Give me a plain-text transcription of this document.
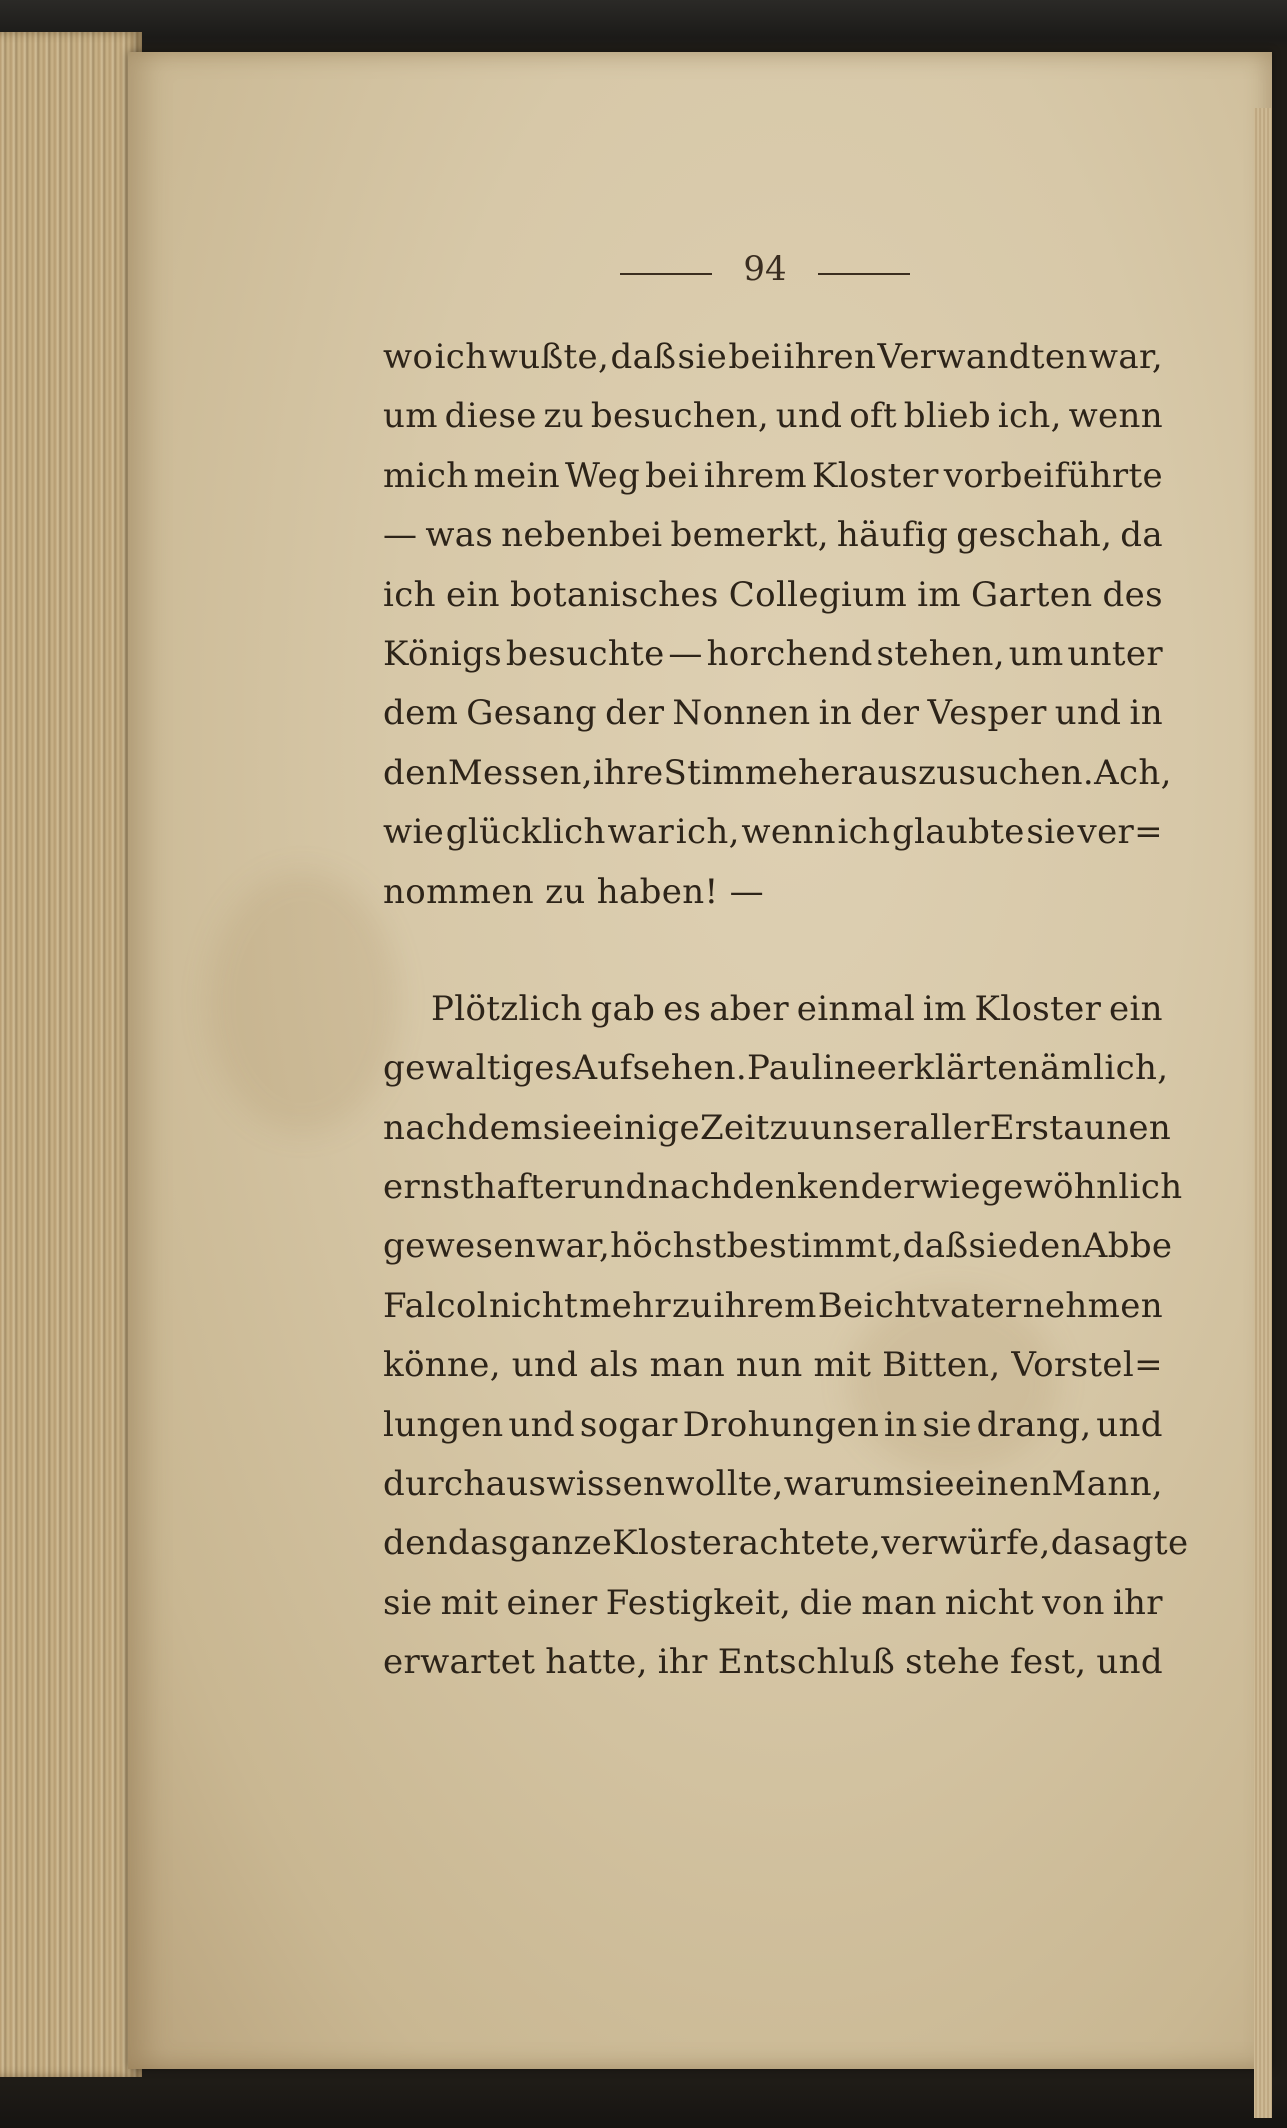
94
wo ich wußte, daß sie bei ihren Verwandten war,
um diese zu besuchen, und oft blieb ich, wenn
mich mein Weg bei ihrem Kloster vorbeiführte
— was nebenbei bemerkt, häufig geschah, da
ich ein botanisches Collegium im Garten des
Königs besuchte — horchend stehen, um unter
dem Gesang der Nonnen in der Vesper und in
den Messen, ihre Stimme herauszusuchen. Ach,
wie glücklich war ich, wenn ich glaubte sie ver=
nommen zu haben! —
Plötzlich gab es aber einmal im Kloster ein
gewaltiges Aufsehen. Pauline erklärte nämlich,
nachdem sie einige Zeit zu unser aller Erstaunen
ernsthafter und nachdenkender wie gewöhnlich
gewesen war, höchst bestimmt, daß sie den Abbe
Falcol nicht mehr zu ihrem Beichtvater nehmen
könne, und als man nun mit Bitten, Vorstel=
lungen und sogar Drohungen in sie drang, und
durchaus wissen wollte, warum sie einen Mann,
den das ganze Kloster achtete, verwürfe, da sagte
sie mit einer Festigkeit, die man nicht von ihr
erwartet hatte, ihr Entschluß stehe fest, und
